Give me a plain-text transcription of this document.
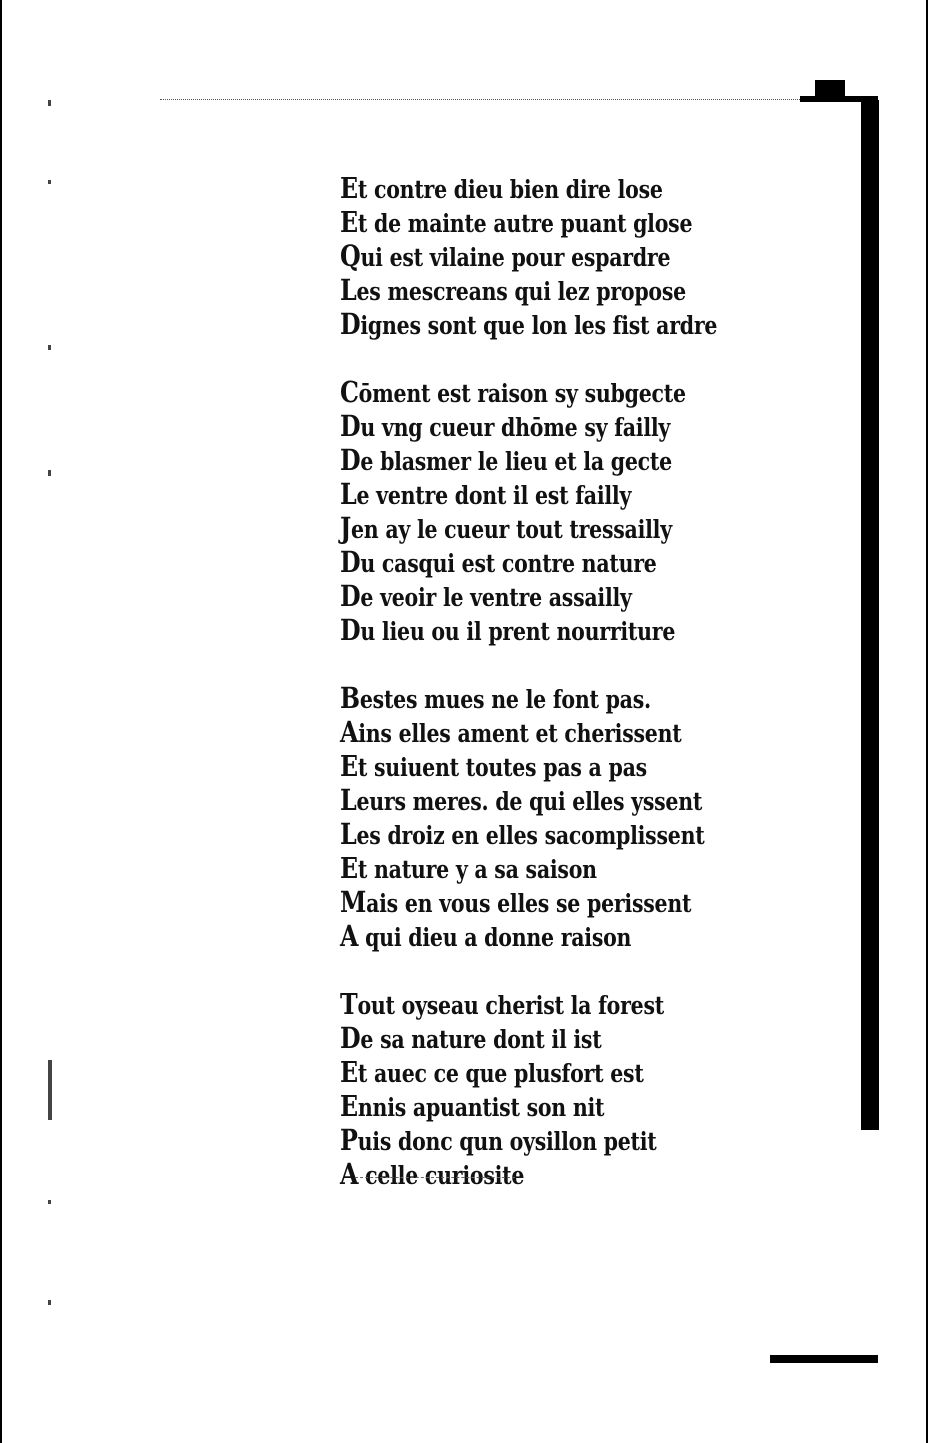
Et contre dieu bien dire lose
Et de mainte autre puant glose
Qui est vilaine pour espardre
Les mescreans qui lez propose
Dignes sont que lon les fist ardre
Cōment est raison sy subgecte
Du vng cueur dhōme sy failly
De blasmer le lieu et la gecte
Le ventre dont il est failly
Jen ay le cueur tout tressailly
Du casqui est contre nature
De veoir le ventre assailly
Du lieu ou il prent nourriture
Bestes mues ne le font pas.
Ains elles ament et cherissent
Et suiuent toutes pas a pas
Leurs meres. de qui elles yssent
Les droiz en elles sacomplissent
Et nature y a sa saison
Mais en vous elles se perissent
A qui dieu a donne raison
Tout oyseau cherist la forest
De sa nature dont il ist
Et auec ce que plusfort est
Ennis apuantist son nit
Puis donc qun oysillon petit
A celle curiosite
